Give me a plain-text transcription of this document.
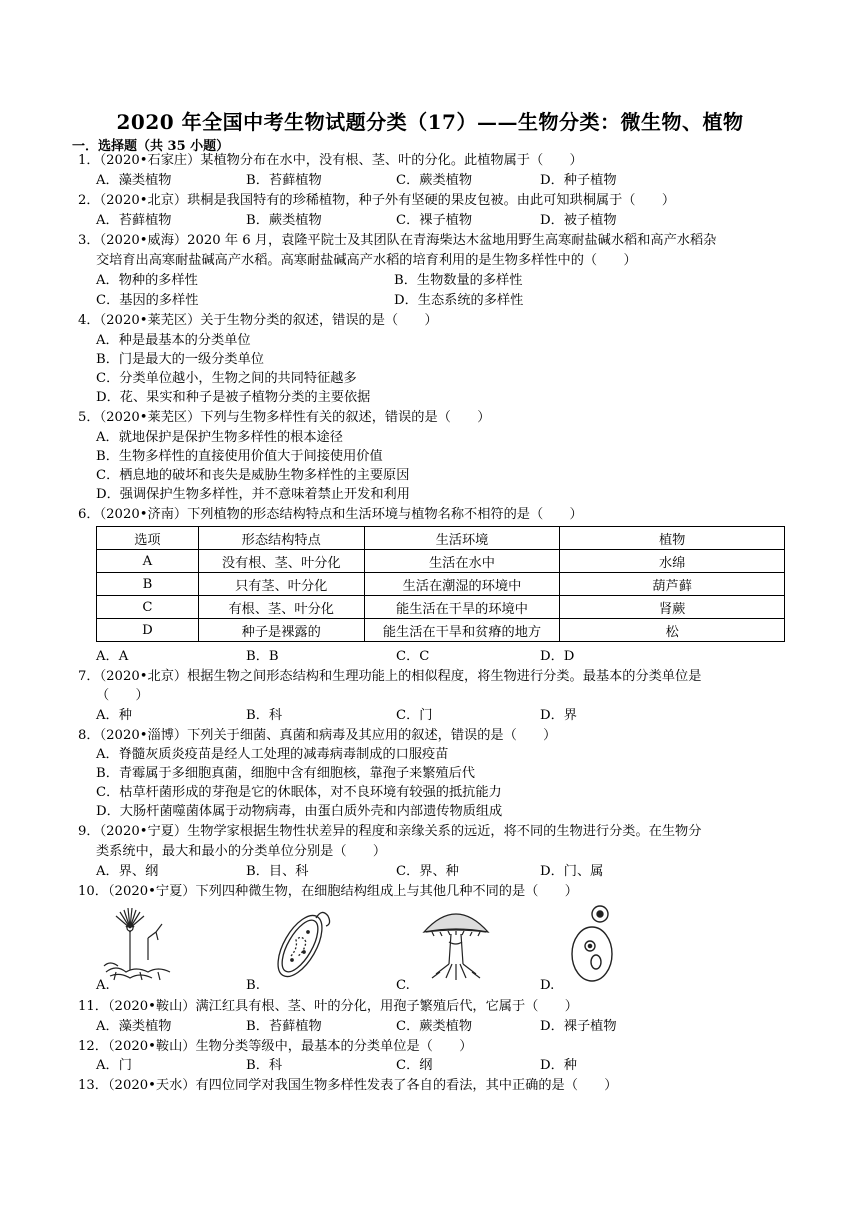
2020 年全国中考生物试题分类（17）——生物分类：微生物、植物
一．选择题（共 35 小题）
1．（2020•石家庄）某植物分布在水中，没有根、茎、叶的分化。此植物属于（　　）
A．藻类植物	B．苔藓植物	C．蕨类植物	D．种子植物
2．（2020•北京）珙桐是我国特有的珍稀植物，种子外有坚硬的果皮包被。由此可知珙桐属于（　　）
A．苔藓植物	B．蕨类植物	C．裸子植物	D．被子植物
3．（2020•威海）2020 年 6 月，袁隆平院士及其团队在青海柴达木盆地用野生高寒耐盐碱水稻和高产水稻杂
交培育出高寒耐盐碱高产水稻。高寒耐盐碱高产水稻的培育利用的是生物多样性中的（　　）
A．物种的多样性	B．生物数量的多样性
C．基因的多样性	D．生态系统的多样性
4．（2020•莱芜区）关于生物分类的叙述，错误的是（　　）
A．种是最基本的分类单位
B．门是最大的一级分类单位
C．分类单位越小，生物之间的共同特征越多
D．花、果实和种子是被子植物分类的主要依据
5．（2020•莱芜区）下列与生物多样性有关的叙述，错误的是（　　）
A．就地保护是保护生物多样性的根本途径
B．生物多样性的直接使用价值大于间接使用价值
C．栖息地的破坏和丧失是威胁生物多样性的主要原因
D．强调保护生物多样性，并不意味着禁止开发和利用
6．（2020•济南）下列植物的形态结构特点和生活环境与植物名称不相符的是（　　）
选项	形态结构特点	生活环境	植物
A	没有根、茎、叶分化	生活在水中	水绵
B	只有茎、叶分化	生活在潮湿的环境中	葫芦藓
C	有根、茎、叶分化	能生活在干旱的环境中	肾蕨
D	种子是裸露的	能生活在干旱和贫瘠的地方	松
A．A	B．B	C．C	D．D
7．（2020•北京）根据生物之间形态结构和生理功能上的相似程度，将生物进行分类。最基本的分类单位是
（　　）
A．种	B．科	C．门	D．界
8．（2020•淄博）下列关于细菌、真菌和病毒及其应用的叙述，错误的是（　　）
A．脊髓灰质炎疫苗是经人工处理的减毒病毒制成的口服疫苗
B．青霉属于多细胞真菌，细胞中含有细胞核，靠孢子来繁殖后代
C．枯草杆菌形成的芽孢是它的休眠体，对不良环境有较强的抵抗能力
D．大肠杆菌噬菌体属于动物病毒，由蛋白质外壳和内部遗传物质组成
9．（2020•宁夏）生物学家根据生物性状差异的程度和亲缘关系的远近，将不同的生物进行分类。在生物分
类系统中，最大和最小的分类单位分别是（　　）
A．界、纲	B．目、科	C．界、种	D．门、属
10．（2020•宁夏）下列四种微生物，在细胞结构组成上与其他几种不同的是（　　）
A.	B.	C.	D.
11．（2020•鞍山）满江红具有根、茎、叶的分化，用孢子繁殖后代，它属于（　　）
A．藻类植物	B．苔藓植物	C．蕨类植物	D．裸子植物
12．（2020•鞍山）生物分类等级中，最基本的分类单位是（　　）
A．门	B．科	C．纲	D．种
13．（2020•天水）有四位同学对我国生物多样性发表了各自的看法，其中正确的是（　　）
